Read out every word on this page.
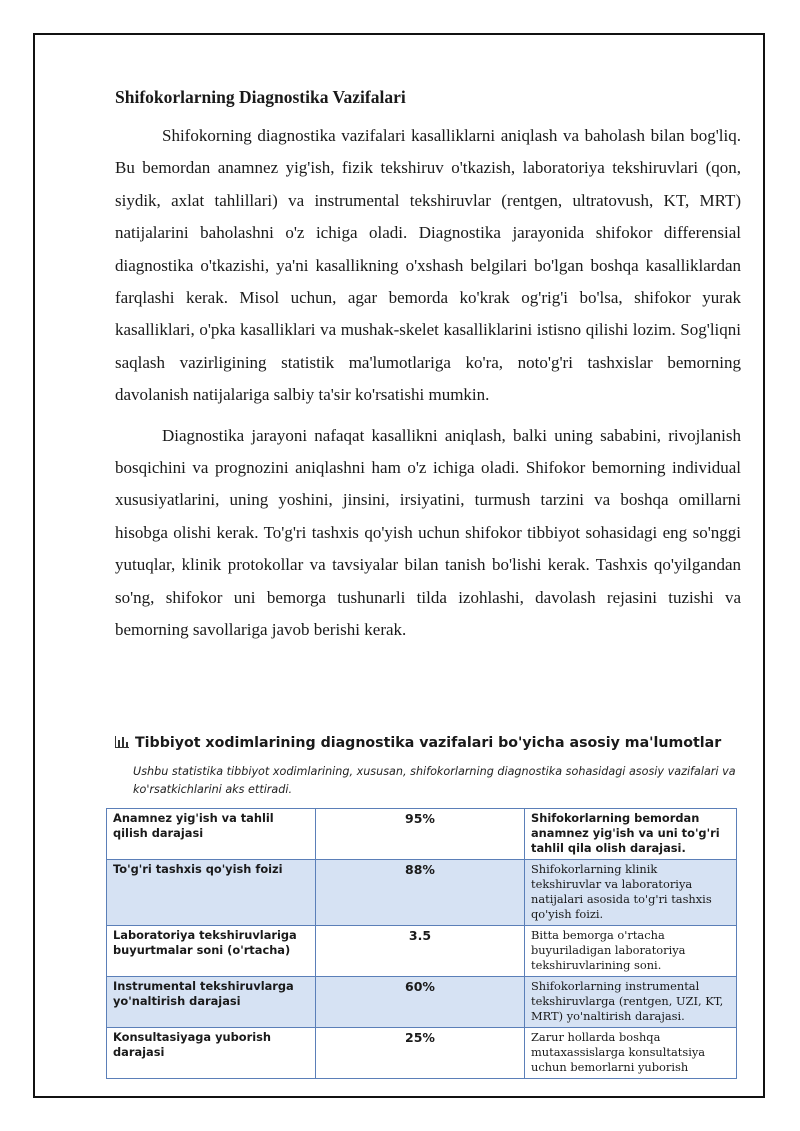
Shifokorlarning Diagnostika Vazifalari

Shifokorning diagnostika vazifalari kasalliklarni aniqlash va baholash bilan bog'liq. Bu bemordan anamnez yig'ish, fizik tekshiruv o'tkazish, laboratoriya tekshiruvlari (qon, siydik, axlat tahlillari) va instrumental tekshiruvlar (rentgen, ultratovush, KT, MRT) natijalarini baholashni o'z ichiga oladi. Diagnostika jarayonida shifokor differensial diagnostika o'tkazishi, ya'ni kasallikning o'xshash belgilari bo'lgan boshqa kasalliklardan farqlashi kerak. Misol uchun, agar bemorda ko'krak og'rig'i bo'lsa, shifokor yurak kasalliklari, o'pka kasalliklari va mushak-skelet kasalliklarini istisno qilishi lozim. Sog'liqni saqlash vazirligining statistik ma'lumotlariga ko'ra, noto'g'ri tashxislar bemorning davolanish natijalariga salbiy ta'sir ko'rsatishi mumkin.

Diagnostika jarayoni nafaqat kasallikni aniqlash, balki uning sababini, rivojlanish bosqichini va prognozini aniqlashni ham o'z ichiga oladi. Shifokor bemorning individual xususiyatlarini, uning yoshini, jinsini, irsiyatini, turmush tarzini va boshqa omillarni hisobga olishi kerak. To'g'ri tashxis qo'yish uchun shifokor tibbiyot sohasidagi eng so'nggi yutuqlar, klinik protokollar va tavsiyalar bilan tanish bo'lishi kerak. Tashxis qo'yilgandan so'ng, shifokor uni bemorga tushunarli tilda izohlashi, davolash rejasini tuzishi va bemorning savollariga javob berishi kerak.

Tibbiyot xodimlarining diagnostika vazifalari bo'yicha asosiy ma'lumotlar
Ushbu statistika tibbiyot xodimlarining, xususan, shifokorlarning diagnostika sohasidagi asosiy vazifalari va ko'rsatkichlarini aks ettiradi.
Anamnez yig'ish va tahlil qilish darajasi	95%	Shifokorlarning bemordan anamnez yig'ish va uni to'g'ri tahlil qila olish darajasi.
To'g'ri tashxis qo'yish foizi	88%	Shifokorlarning klinik tekshiruvlar va laboratoriya natijalari asosida to'g'ri tashxis qo'yish foizi.
Laboratoriya tekshiruvlariga buyurtmalar soni (o'rtacha)	3.5	Bitta bemorga o'rtacha buyuriladigan laboratoriya tekshiruvlarining soni.
Instrumental tekshiruvlarga yo'naltirish darajasi	60%	Shifokorlarning instrumental tekshiruvlarga (rentgen, UZI, KT, MRT) yo'naltirish darajasi.
Konsultasiyaga yuborish darajasi	25%	Zarur hollarda boshqa mutaxassislarga konsultatsiya uchun bemorlarni yuborish
